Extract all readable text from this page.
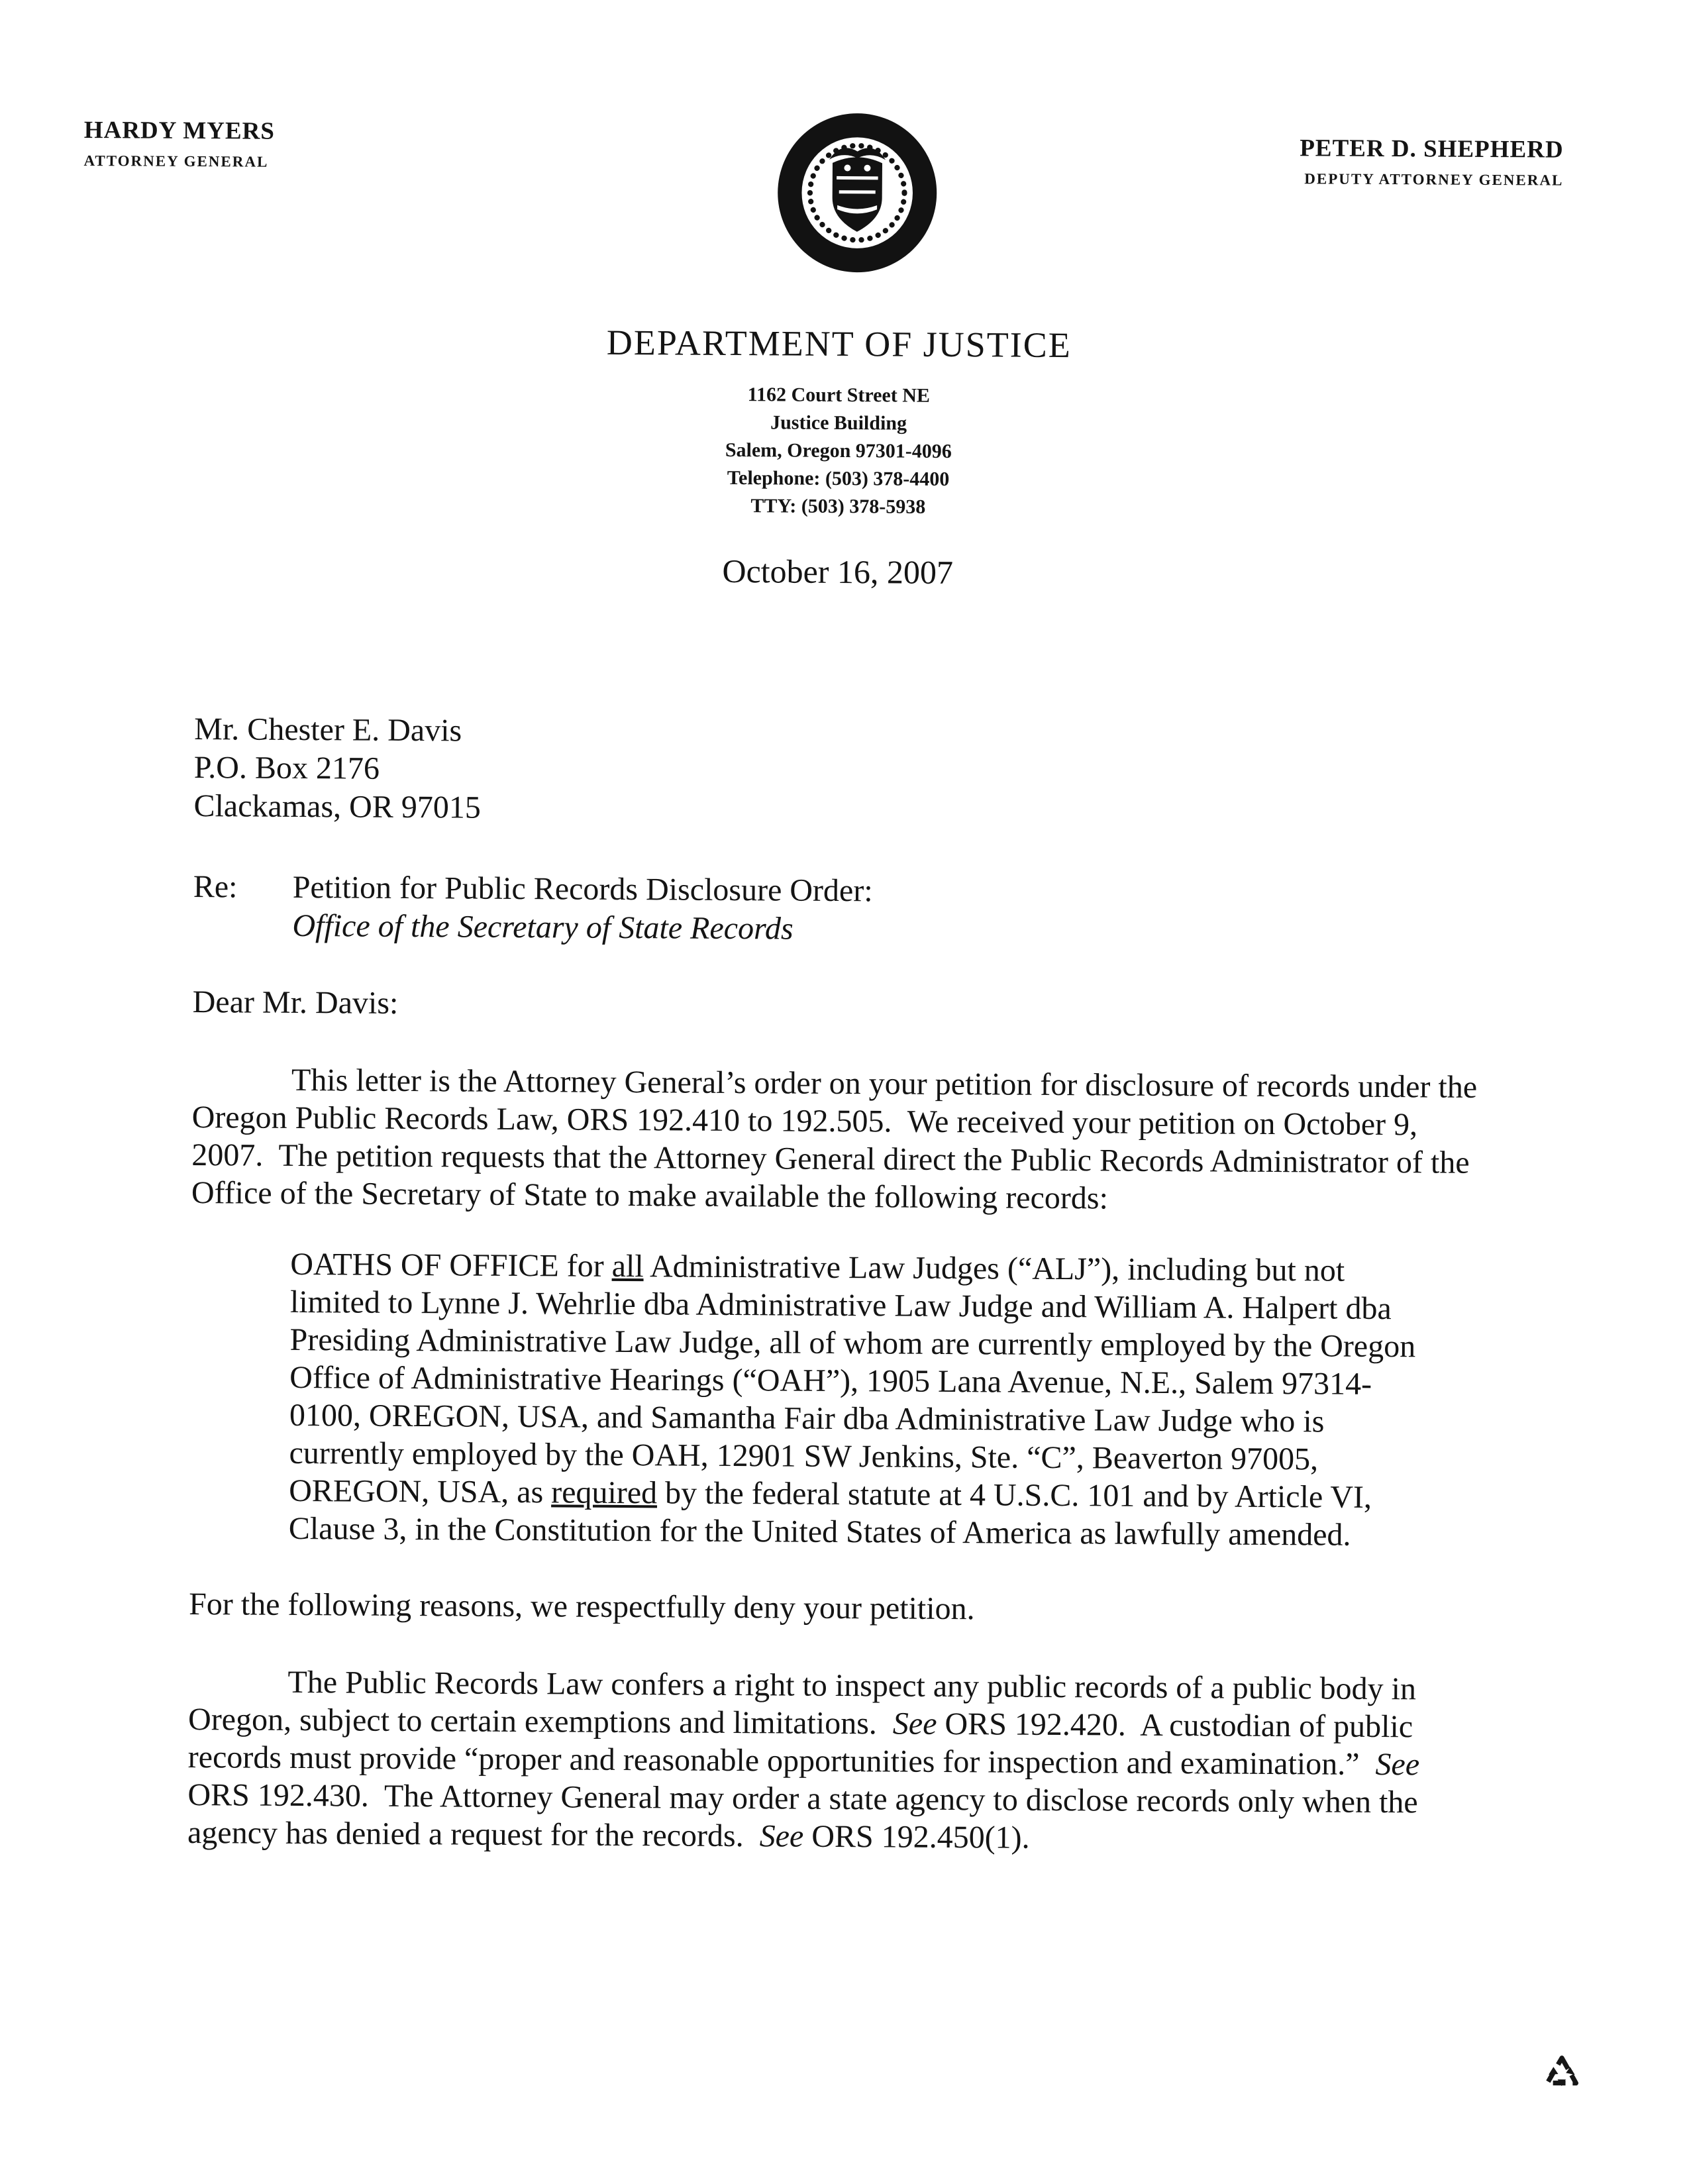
HARDY MYERS
ATTORNEY GENERAL	PETER D. SHEPHERD
DEPUTY ATTORNEY GENERAL
DEPARTMENT OF JUSTICE
1162 Court Street NE
Justice Building
Salem, Oregon 97301-4096
Telephone: (503) 378-4400
TTY: (503) 378-5938
October 16, 2007
Mr. Chester E. Davis
P.O. Box 2176
Clackamas, OR 97015
Re:	Petition for Public Records Disclosure Order:
Office of the Secretary of State Records

Dear Mr. Davis:

This letter is the Attorney General’s order on your petition for disclosure of records under the Oregon Public Records Law, ORS 192.410 to 192.505.  We received your petition on October 9, 2007.  The petition requests that the Attorney General direct the Public Records Administrator of the Office of the Secretary of State to make available the following records:

OATHS OF OFFICE for all Administrative Law Judges (“ALJ”), including but not limited to Lynne J. Wehrlie dba Administrative Law Judge and William A. Halpert dba Presiding Administrative Law Judge, all of whom are currently employed by the Oregon Office of Administrative Hearings (“OAH”), 1905 Lana Avenue, N.E., Salem 97314-0100, OREGON, USA, and Samantha Fair dba Administrative Law Judge who is currently employed by the OAH, 12901 SW Jenkins, Ste. “C”, Beaverton 97005, OREGON, USA, as required by the federal statute at 4 U.S.C. 101 and by Article VI, Clause 3, in the Constitution for the United States of America as lawfully amended.

For the following reasons, we respectfully deny your petition.

The Public Records Law confers a right to inspect any public records of a public body in Oregon, subject to certain exemptions and limitations.  See ORS 192.420.  A custodian of public records must provide “proper and reasonable opportunities for inspection and examination.”  See ORS 192.430.  The Attorney General may order a state agency to disclose records only when the agency has denied a request for the records.  See ORS 192.450(1).
